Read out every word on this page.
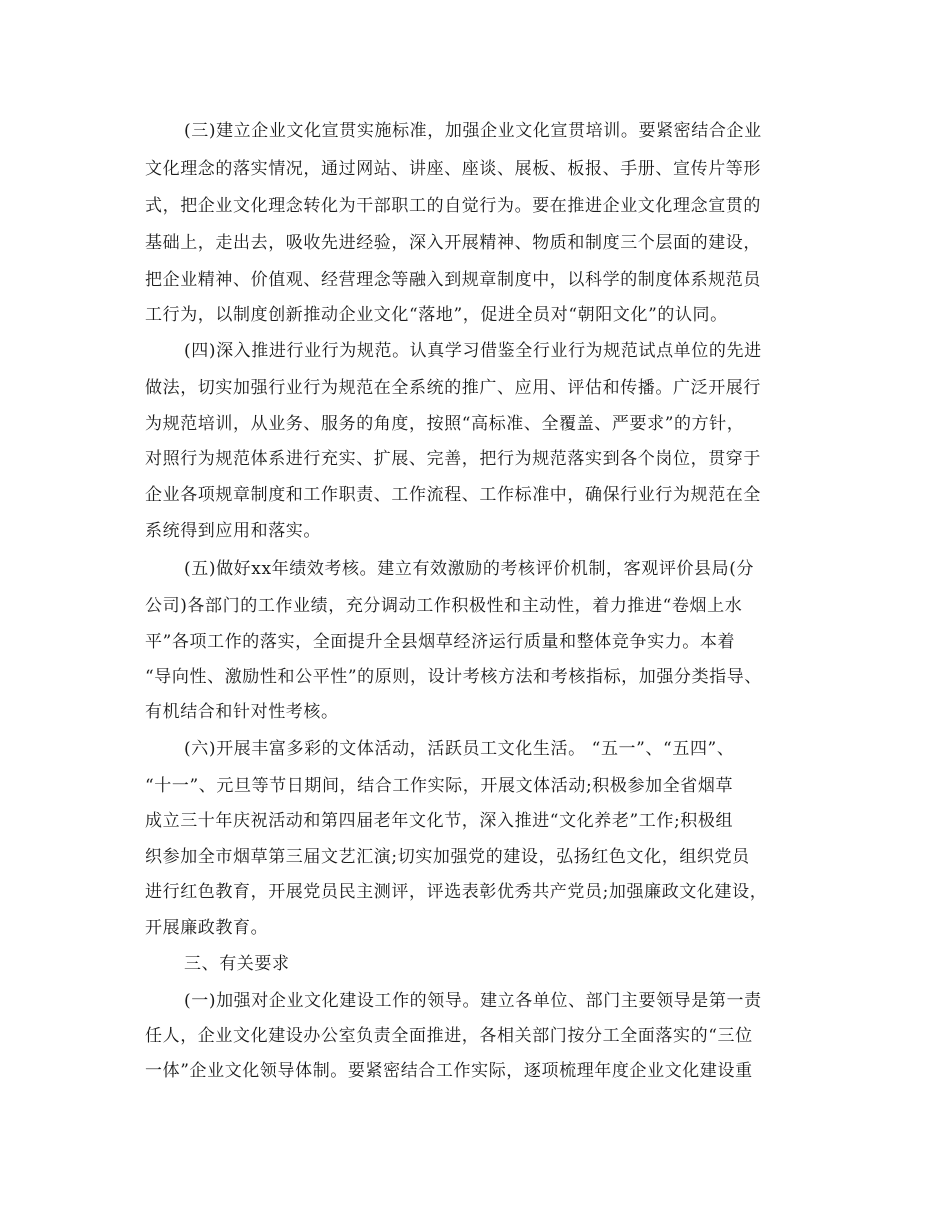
(三)建立企业文化宣贯实施标准，加强企业文化宣贯培训。要紧密结合企业

文化理念的落实情况，通过网站、讲座、座谈、展板、板报、手册、宣传片等形

式，把企业文化理念转化为干部职工的自觉行为。要在推进企业文化理念宣贯的

基础上，走出去，吸收先进经验，深入开展精神、物质和制度三个层面的建设，

把企业精神、价值观、经营理念等融入到规章制度中，以科学的制度体系规范员

工行为，以制度创新推动企业文化“落地”，促进全员对“朝阳文化”的认同。

(四)深入推进行业行为规范。认真学习借鉴全行业行为规范试点单位的先进

做法，切实加强行业行为规范在全系统的推广、应用、评估和传播。广泛开展行

为规范培训，从业务、服务的角度，按照“高标准、全覆盖、严要求”的方针，

对照行为规范体系进行充实、扩展、完善，把行为规范落实到各个岗位，贯穿于

企业各项规章制度和工作职责、工作流程、工作标准中，确保行业行为规范在全

系统得到应用和落实。

(五)做好xx年绩效考核。建立有效激励的考核评价机制，客观评价县局(分

公司)各部门的工作业绩，充分调动工作积极性和主动性，着力推进“卷烟上水

平”各项工作的落实，全面提升全县烟草经济运行质量和整体竞争实力。本着

“导向性、激励性和公平性”的原则，设计考核方法和考核指标，加强分类指导、

有机结合和针对性考核。

(六)开展丰富多彩的文体活动，活跃员工文化生活。 “五一”、“五四”、

“十一”、元旦等节日期间，结合工作实际，开展文体活动;积极参加全省烟草

成立三十年庆祝活动和第四届老年文化节，深入推进“文化养老”工作;积极组

织参加全市烟草第三届文艺汇演;切实加强党的建设，弘扬红色文化，组织党员

进行红色教育，开展党员民主测评，评选表彰优秀共产党员;加强廉政文化建设，

开展廉政教育。

三、有关要求

(一)加强对企业文化建设工作的领导。建立各单位、部门主要领导是第一责

任人，企业文化建设办公室负责全面推进，各相关部门按分工全面落实的“三位

一体”企业文化领导体制。要紧密结合工作实际，逐项梳理年度企业文化建设重
